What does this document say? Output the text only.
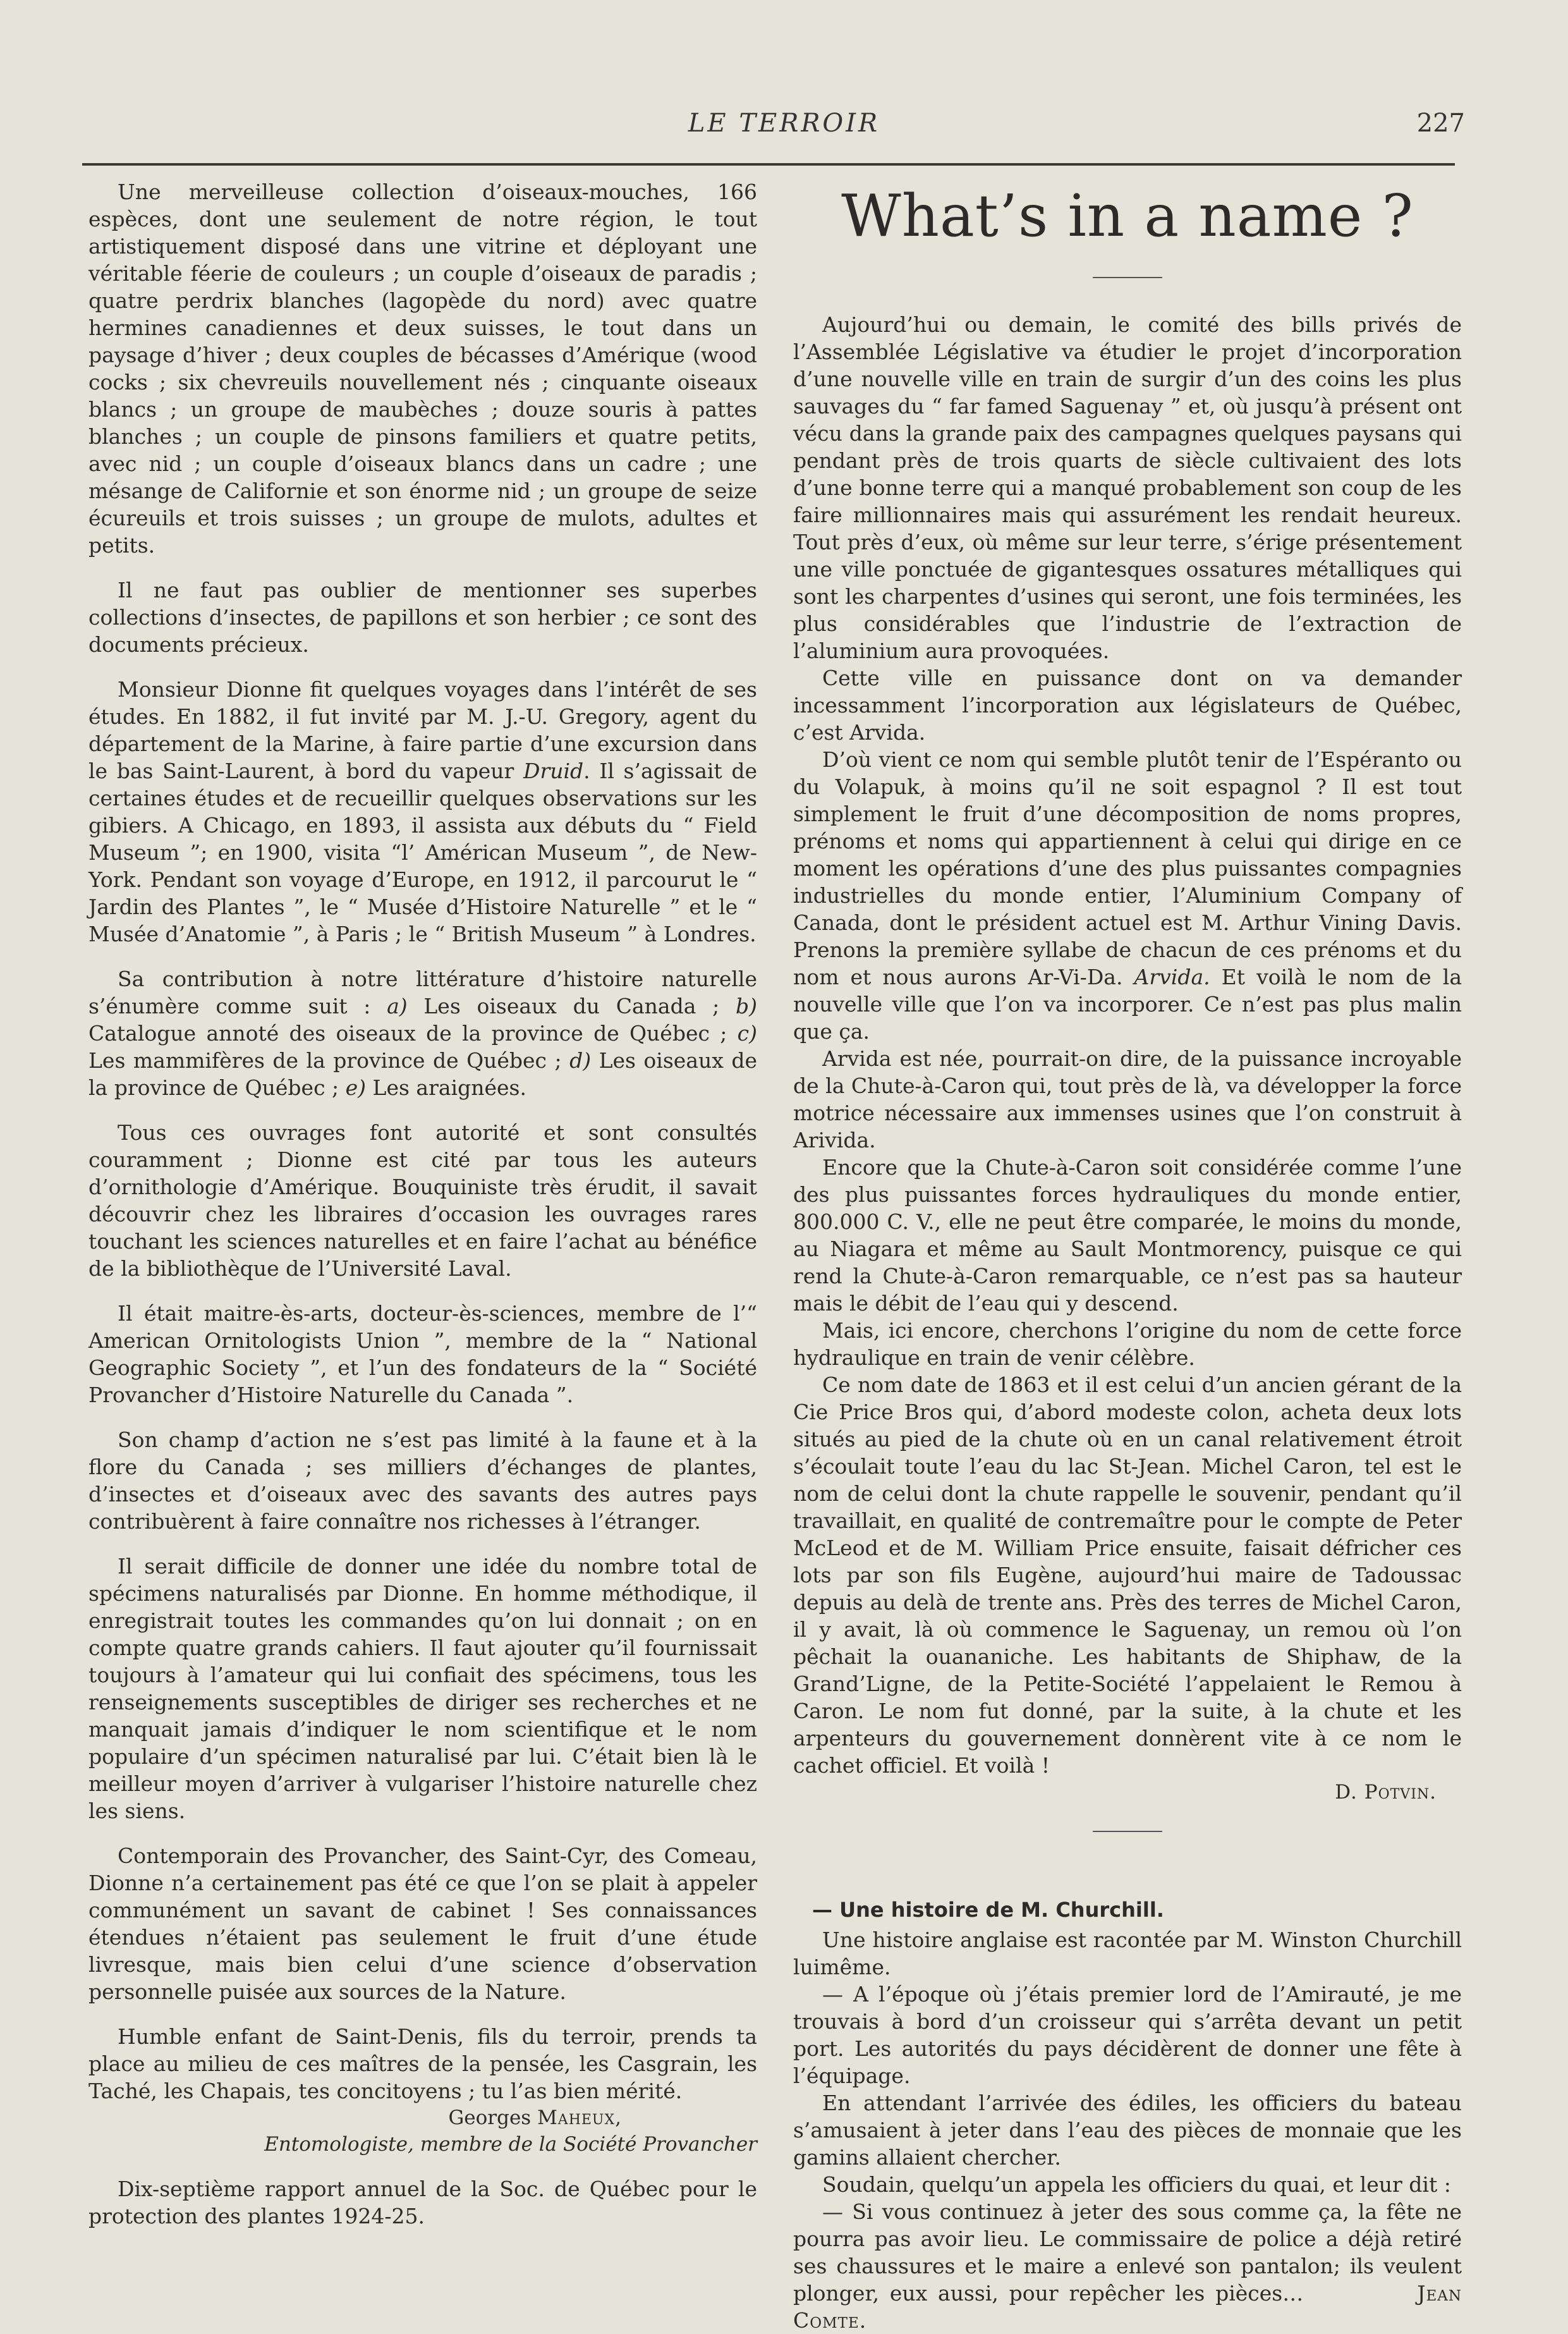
LE TERROIR	227

Une merveilleuse collection d’oiseaux-mouches, 166 espèces, dont une seulement de notre région, le tout artistiquement disposé dans une vitrine et déployant une véritable féerie de couleurs ; un couple d’oiseaux de paradis ; quatre perdrix blanches (lagopède du nord) avec quatre hermines canadiennes et deux suisses, le tout dans un paysage d’hiver ; deux couples de bécasses d’Amérique (wood cocks ; six chevreuils nouvellement nés ; cinquante oiseaux blancs ; un groupe de maubèches ; douze souris à pattes blanches ; un couple de pinsons familiers et quatre petits, avec nid ; un couple d’oiseaux blancs dans un cadre ; une mésange de Californie et son énorme nid ; un groupe de seize écureuils et trois suisses ; un groupe de mulots, adultes et petits.

Il ne faut pas oublier de mentionner ses superbes collections d’insectes, de papillons et son herbier ; ce sont des documents précieux.

Monsieur Dionne fit quelques voyages dans l’intérêt de ses études. En 1882, il fut invité par M. J.-U. Gregory, agent du département de la Marine, à faire partie d’une excursion dans le bas Saint-Laurent, à bord du vapeur Druid. Il s’agissait de certaines études et de recueillir quelques observations sur les gibiers. A Chicago, en 1893, il assista aux débuts du “ Field Museum ”; en 1900, visita “l’ Américan Museum ”, de New-York. Pendant son voyage d’Europe, en 1912, il parcourut le “ Jardin des Plantes ”, le “ Musée d’Histoire Naturelle ” et le “ Musée d’Anatomie ”, à Paris ; le “ British Museum ” à Londres.

Sa contribution à notre littérature d’histoire naturelle s’énumère comme suit : a) Les oiseaux du Canada ; b) Catalogue annoté des oiseaux de la province de Québec ; c) Les mammifères de la province de Québec ; d) Les oiseaux de la province de Québec ; e) Les araignées.

Tous ces ouvrages font autorité et sont consultés couramment ; Dionne est cité par tous les auteurs d’ornithologie d’Amérique. Bouquiniste très érudit, il savait découvrir chez les libraires d’occasion les ouvrages rares touchant les sciences naturelles et en faire l’achat au bénéfice de la bibliothèque de l’Université Laval.

Il était maitre-ès-arts, docteur-ès-sciences, membre de l’“ American Ornitologists Union ”, membre de la “ National Geographic Society ”, et l’un des fondateurs de la “ Société Provancher d’Histoire Naturelle du Canada ”.

Son champ d’action ne s’est pas limité à la faune et à la flore du Canada ; ses milliers d’échanges de plantes, d’insectes et d’oiseaux avec des savants des autres pays contribuèrent à faire connaître nos richesses à l’étranger.

Il serait difficile de donner une idée du nombre total de spécimens naturalisés par Dionne. En homme méthodique, il enregistrait toutes les commandes qu’on lui donnait ; on en compte quatre grands cahiers. Il faut ajouter qu’il fournissait toujours à l’amateur qui lui confiait des spécimens, tous les renseignements susceptibles de diriger ses recherches et ne manquait jamais d’indiquer le nom scientifique et le nom populaire d’un spécimen naturalisé par lui. C’était bien là le meilleur moyen d’arriver à vulgariser l’histoire naturelle chez les siens.

Contemporain des Provancher, des Saint-Cyr, des Comeau, Dionne n’a certainement pas été ce que l’on se plait à appeler communément un savant de cabinet ! Ses connaissances étendues n’étaient pas seulement le fruit d’une étude livresque, mais bien celui d’une science d’observation personnelle puisée aux sources de la Nature.

Humble enfant de Saint-Denis, fils du terroir, prends ta place au milieu de ces maîtres de la pensée, les Casgrain, les Taché, les Chapais, tes concitoyens ; tu l’as bien mérité.

Georges Maheux,

Entomologiste, membre de la Société Provancher

Dix-septième rapport annuel de la Soc. de Québec pour le protection des plantes 1924-25.

What’s in a name ?

Aujourd’hui ou demain, le comité des bills privés de l’Assemblée Législative va étudier le projet d’incorporation d’une nouvelle ville en train de surgir d’un des coins les plus sauvages du “ far famed Saguenay ” et, où jusqu’à présent ont vécu dans la grande paix des campagnes quelques paysans qui pendant près de trois quarts de siècle cultivaient des lots d’une bonne terre qui a manqué probablement son coup de les faire millionnaires mais qui assurément les rendait heureux. Tout près d’eux, où même sur leur terre, s’érige présentement une ville ponctuée de gigantesques ossatures métalliques qui sont les charpentes d’usines qui seront, une fois terminées, les plus considérables que l’industrie de l’extraction de l’aluminium aura provoquées.

Cette ville en puissance dont on va demander incessamment l’incorporation aux législateurs de Québec, c’est Arvida.

D’où vient ce nom qui semble plutôt tenir de l’Espéranto ou du Volapuk, à moins qu’il ne soit espagnol ? Il est tout simplement le fruit d’une décomposition de noms propres, prénoms et noms qui appartiennent à celui qui dirige en ce moment les opérations d’une des plus puissantes compagnies industrielles du monde entier, l’Aluminium Company of Canada, dont le président actuel est M. Arthur Vining Davis. Prenons la première syllabe de chacun de ces prénoms et du nom et nous aurons Ar-Vi-Da. Arvida. Et voilà le nom de la nouvelle ville que l’on va incorporer. Ce n’est pas plus malin que ça.

Arvida est née, pourrait-on dire, de la puissance incroyable de la Chute-à-Caron qui, tout près de là, va développer la force motrice nécessaire aux immenses usines que l’on construit à Arivida.

Encore que la Chute-à-Caron soit considérée comme l’une des plus puissantes forces hydrauliques du monde entier, 800.000 C. V., elle ne peut être comparée, le moins du monde, au Niagara et même au Sault Montmorency, puisque ce qui rend la Chute-à-Caron remarquable, ce n’est pas sa hauteur mais le débit de l’eau qui y descend.

Mais, ici encore, cherchons l’origine du nom de cette force hydraulique en train de venir célèbre.

Ce nom date de 1863 et il est celui d’un ancien gérant de la Cie Price Bros qui, d’abord modeste colon, acheta deux lots situés au pied de la chute où en un canal relativement étroit s’écoulait toute l’eau du lac St-Jean. Michel Caron, tel est le nom de celui dont la chute rappelle le souvenir, pendant qu’il travaillait, en qualité de contremaître pour le compte de Peter McLeod et de M. William Price ensuite, faisait défricher ces lots par son fils Eugène, aujourd’hui maire de Tadoussac depuis au delà de trente ans. Près des terres de Michel Caron, il y avait, là où commence le Saguenay, un remou où l’on pêchait la ouananiche. Les habitants de Shiphaw, de la Grand’Ligne, de la Petite-Société l’appelaient le Remou à Caron. Le nom fut donné, par la suite, à la chute et les arpenteurs du gouvernement donnèrent vite à ce nom le cachet officiel. Et voilà !

D. Potvin.

— Une histoire de M. Churchill.

Une histoire anglaise est racontée par M. Winston Churchill luimême.

— A l’époque où j’étais premier lord de l’Amirauté, je me trouvais à bord d’un croisseur qui s’arrêta devant un petit port. Les autorités du pays décidèrent de donner une fête à l’équipage.

En attendant l’arrivée des édiles, les officiers du bateau s’amusaient à jeter dans l’eau des pièces de monnaie que les gamins allaient chercher.

Soudain, quelqu’un appela les officiers du quai, et leur dit :

— Si vous continuez à jeter des sous comme ça, la fête ne pourra pas avoir lieu. Le commissaire de police a déjà retiré ses chaussures et le maire a enlevé son pantalon; ils veulent plonger, eux aussi, pour repêcher les pièces…	Jean Comte.
